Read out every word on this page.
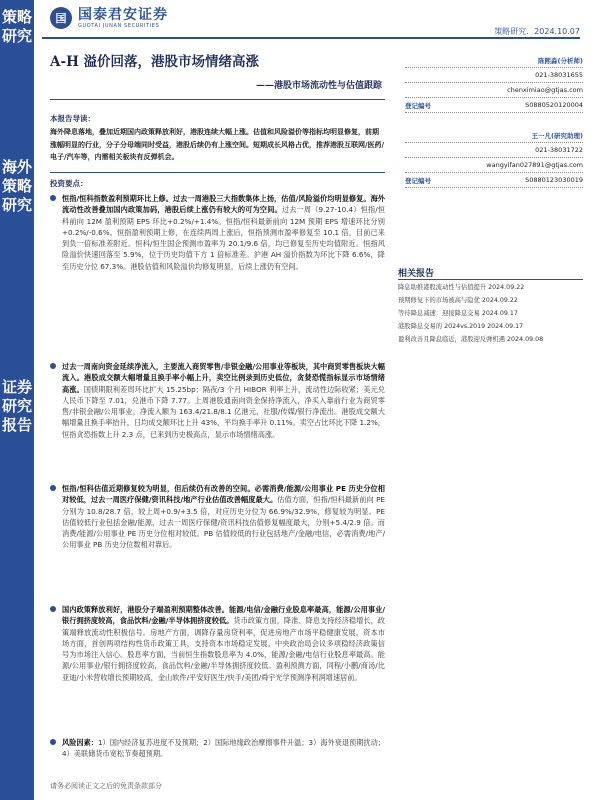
策略研究
海外策略研究
证券研究报告
国 国泰君安证券
GUOTAI JUNAN SECURITIES
策略研究．2024.10.07
A-H 溢价回落，港股市场情绪高涨
——港股市场流动性与估值跟踪
本报告导读：
海外降息落地，叠加近期国内政策释放利好，港股连续大幅上涨。估值和风险溢价等指标均明显修复，前期涨幅明显的行业，分子分母端同时受益，港股后续仍有上涨空间。短期成长风格占优，推荐港股互联网/医药/电子/汽车等，内需相关板块有反弹机会。
投资要点：
恒指/恒科指数盈利预期环比上修。过去一周港股三大指数集体上扬，估值/风险溢价均明显修复。海外流动性改善叠加国内政策加码，港股后续上涨仍有较大的可为空间。过去一周（9.27-10.4）恒指/恒科前向 12M 盈利预期 EPS 环比+0.2%/+1.4%。恒指/恒科最新前向 12M 预期 EPS 增速环比分别+0.2%/-0.6%。恒指盈利预期上修，在连续两周上涨后，恒指预测市盈率修复至 10.1 倍，目前已来到负一倍标准差附近。恒科/恒生国企预测市盈率为 20.1/9.6 倍，均已修复至历史均值附近。恒指风险溢价快速回落至 5.9%，位于历史均值下方 1 倍标准差。沪港 AH 溢价指数为环比下降 6.6%，降至历史分位 67.3%。港股估值和风险溢价均修复明显，后续上涨仍有空间。
过去一周南向资金延续净流入，主要流入商贸零售/非银金融/公用事业等板块，其中商贸零售板块大幅流入。港股成交额大幅增量且换手率小幅上升，卖空比例录到历史低位，贪婪恐慌指标显示市场情绪高涨。国债期限利差周环比扩大 15.25bp；隔夜/3 个月 HIBOR 利率上升，流动性边际收紧；美元兑人民币下降至 7.01，兑港币下降 7.77。上周港股通南向资金保持净流入，净买入靠前行业为商贸零售/非银金融/公用事业，净流入额为 163.4/21.8/8.1 亿港元，社服/传媒/银行净流出。港股成交额大幅增量且换手率抬升，日均成交额环比上升 43%，平均换手率升 0.11%。卖空占比环比下降 1.2%，恒指贪恐指数上升 2.3 点，已来到历史极高点，显示市场情绪高涨。
恒指/恒科估值近期修复较为明显，但后续仍有改善的空间。必需消费/能源/公用事业 PE 历史分位相对较低，过去一周医疗保健/资讯科技/地产行业估值改善幅度最大。估值方面，恒指/恒科最新前向 PE 分别为 10.8/28.7 倍，较上周+0.9/+3.5 倍，对应历史分位为 66.9%/32.9%，修复较为明显。PE 估值较低行业包括金融/能源，过去一周医疗保健/资讯科技估值修复幅度最大，分别+5.4/2.9 倍。而消费/能源/公用事业 PE 历史分位相对较低。PB 估值较低的行业包括地产/金融/电信，必需消费/地产/公用事业 PB 历史分位数相对靠后。
国内政策释放利好，港股分子端盈利预期整体改善。能源/电信/金融行业股息率最高，能源/公用事业/银行拥挤度较高，食品饮料/金融/半导体拥挤度较低。货币政策方面，降准、降息支持经济稳增长，政策端释放流动性积极信号。房地产方面，调降存量房贷利率，促进房地产市场平稳健康发展。资本市场方面，首创两项结构性货币政策工具，支持资本市场稳定发展。中央政治局会议多项稳经济政策信号为市场注入信心。股息率方面，当前恒生指数股息率为 4.0%，能源/金融/电信行业股息率最高。能源/公用事业/银行拥挤度较高，食品饮料/金融/半导体拥挤度较低。盈利预测方面，同程/小鹏/商汤/比亚迪/小米营收增长预期较高，金山软件/平安好医生/快手/美团/舜宇光学预测净利润增速居前。
风险因素：1）国内经济复苏进度不及预期；2）国际地缘政治摩擦事件升温；3）海外衰退预期扰动；4）美联储货币宽松节奏超预期。
陈熙淼(分析师)
021-38031655
chenximiao@gtjas.com
登记编号	S0880520120004
王一凡(研究助理)
021-38031722
wangyifan027891@gtjas.com
登记编号	S0880123030019
相关报告
降息助推港股流动性与估值提升 2024.09.22
预期修复下的市场被高与隐优 2024.09.22
等待降息减速：迎接降息交易 2024.09.17
港股降息交易的 2024vs.2019 2024.09.17
盈利改善且降息临近，港股迎反弹机遇 2024.09.08
请务必阅读正文之后的免责条款部分
